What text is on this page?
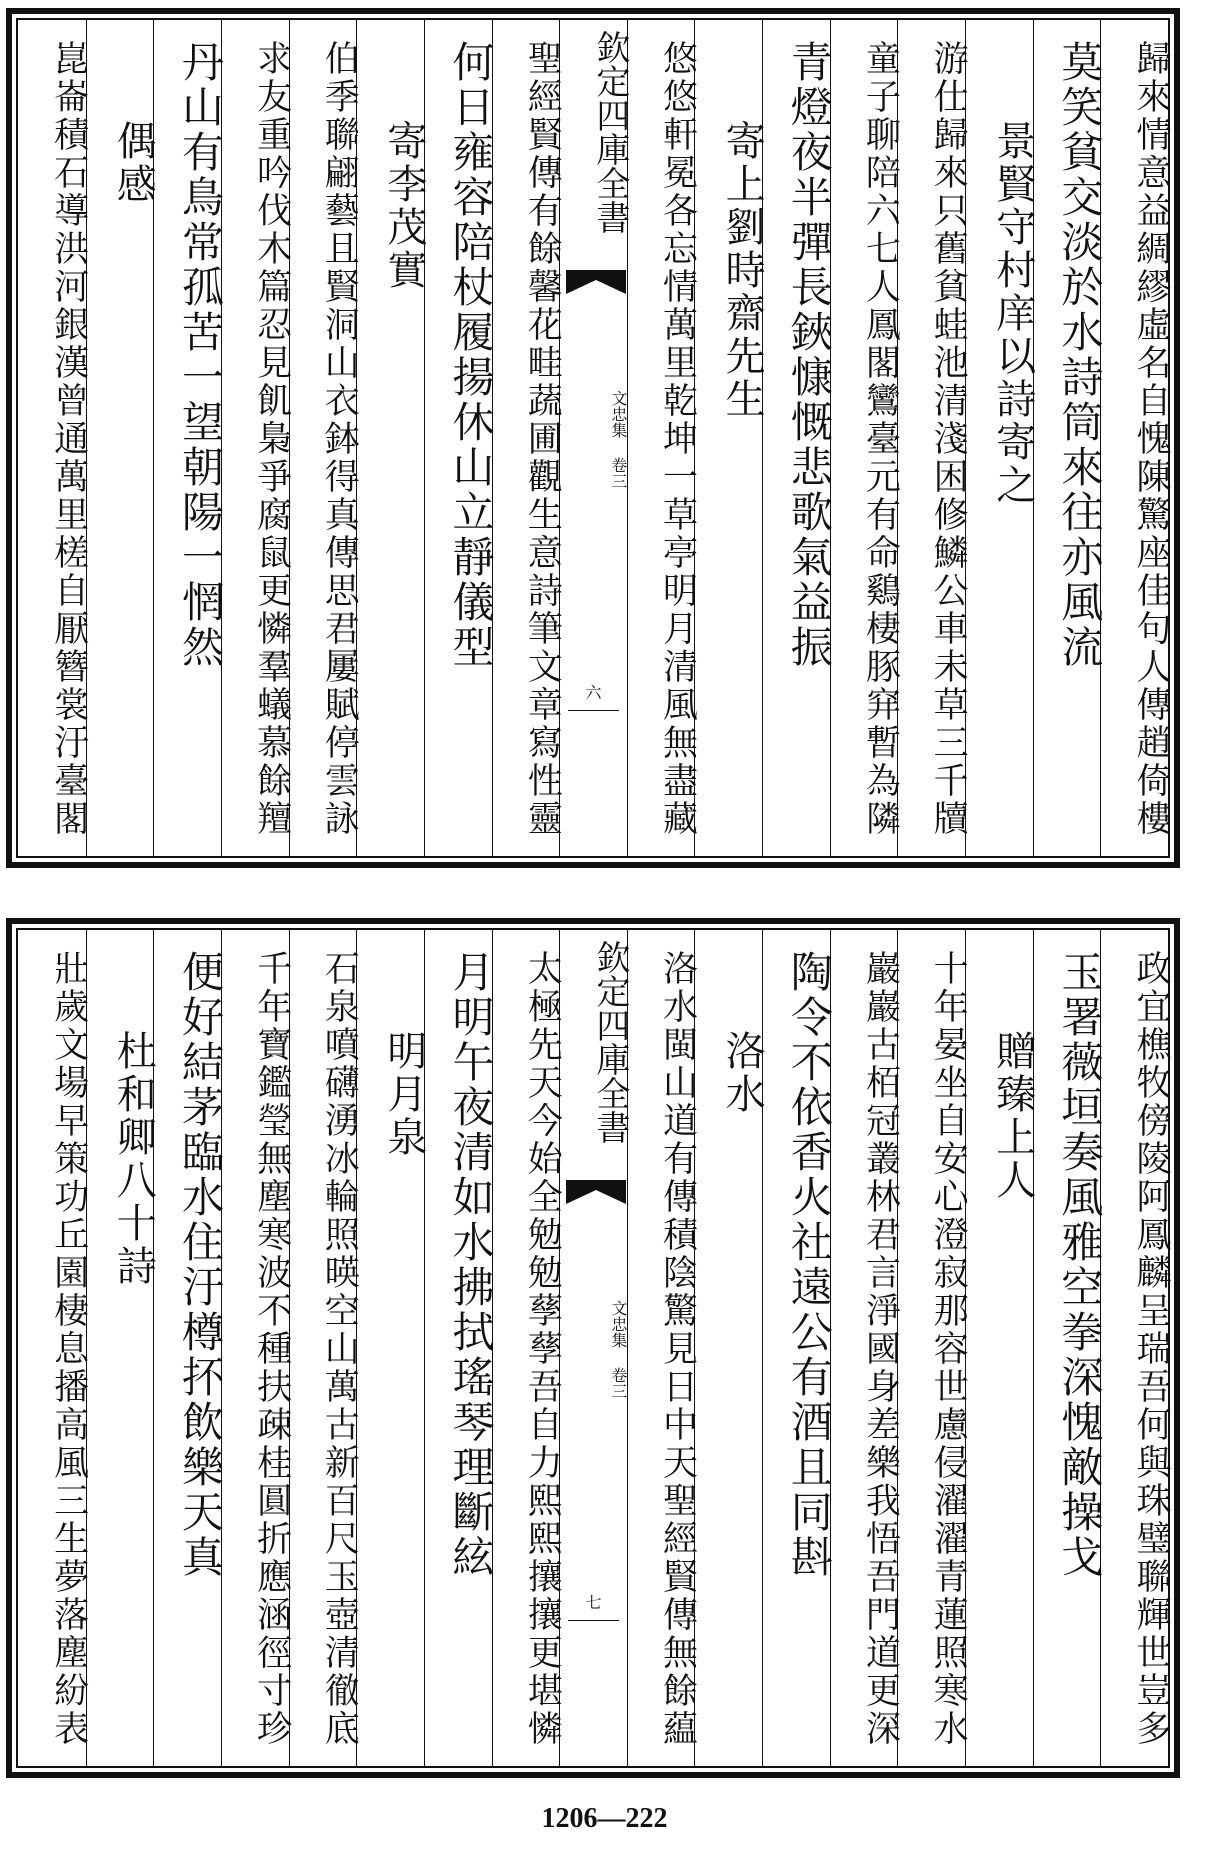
歸來情意益綢繆虛名自愧陳驚座佳句人傳趙倚樓
莫笑貧交淡於水詩筒來往亦風流
景賢守村庠以詩寄之
游仕歸來只舊貧蛙池清淺困修鱗公車未草三千牘
童子聊陪六七人鳳閣鸞臺元有命鷄棲豚穽暫為隣
青燈夜半彈長鋏慷慨悲歌氣益振
寄上劉時齋先生
悠悠軒冕各忘情萬里乾坤一草亭明月清風無盡藏
欽定四庫全書
文忠集 卷三
六
聖經賢傳有餘馨花畦蔬圃觀生意詩筆文章寫性靈
何日雍容陪杖履揚休山立靜儀型
寄李茂實
伯季聯翩藝且賢洞山衣鉢得真傳思君屢賦停雲詠
求友重吟伐木篇忍見飢梟爭腐鼠更憐羣蟻慕餘羶
丹山有鳥常孤苦一望朝陽一惘然
偶感
崑崙積石導洪河銀漢曾通萬里槎自厭簪裳汙臺閣
政宜樵牧傍陵阿鳳麟呈瑞吾何與珠璧聯輝世豈多
玉署薇垣奏風雅空拳深愧敵操戈
贈臻上人
十年晏坐自安心澄寂那容世慮侵濯濯青蓮照寒水
巖巖古栢冠叢林君言淨國身差樂我悟吾門道更深
陶令不依香火社遠公有酒且同斟
洛水
洛水閩山道有傳積陰驚見日中天聖經賢傳無餘藴
欽定四庫全書
文忠集 卷三
七
太極先天今始全勉勉孶孶吾自力熙熙攘攘更堪憐
月明午夜清如水拂拭瑤琴理斷絃
明月泉
石泉噴礴湧冰輪照暎空山萬古新百尺玉壺清徹底
千年寶鑑瑩無塵寒波不種扶疎桂圓折應涵徑寸珍
便好結茅臨水住汙樽抔飲樂天真
杜和卿八十詩
壯歲文場早策功丘園棲息播高風三生夢落塵紛表
1206—222
